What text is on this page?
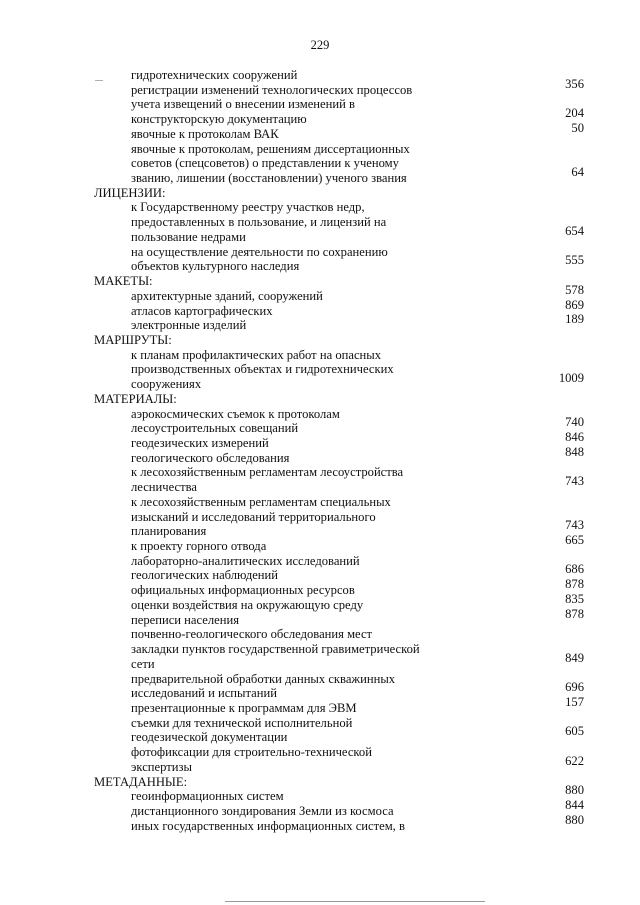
229
гидротехнических сооружений
регистрации изменений технологических процессов	356
учета извещений о внесении изменений в
конструкторскую документацию	204
явочные к протоколам ВАК	50
явочные к протоколам, решениям диссертационных
советов (спецсоветов) о представлении к ученому
званию, лишении (восстановлении) ученого звания	64
ЛИЦЕНЗИИ:
к Государственному реестру участков недр,
предоставленных в пользование, и лицензий на
пользование недрами	654
на осуществление деятельности по сохранению
объектов культурного наследия	555
МАКЕТЫ:
архитектурные зданий, сооружений	578
атласов картографических	869
электронные изделий	189
МАРШРУТЫ:
к планам профилактических работ на опасных
производственных объектах и гидротехнических
сооружениях	1009
МАТЕРИАЛЫ:
аэрокосмических съемок к протоколам
лесоустроительных совещаний	740
геодезических измерений	846
геологического обследования	848
к лесохозяйственным регламентам лесоустройства
лесничества	743
к лесохозяйственным регламентам специальных
изысканий и исследований территориального
планирования	743
к проекту горного отвода	665
лабораторно-аналитических исследований
геологических наблюдений	686
официальных информационных ресурсов	878
оценки воздействия на окружающую среду	835
переписи населения	878
почвенно-геологического обследования мест
закладки пунктов государственной гравиметрической
сети	849
предварительной обработки данных скважинных
исследований и испытаний	696
презентационные к программам для ЭВМ	157
съемки для технической исполнительной
геодезической документации	605
фотофиксации для строительно-технической
экспертизы	622
МЕТАДАННЫЕ:
геоинформационных систем	880
дистанционного зондирования Земли из космоса	844
иных государственных информационных систем, в	880
